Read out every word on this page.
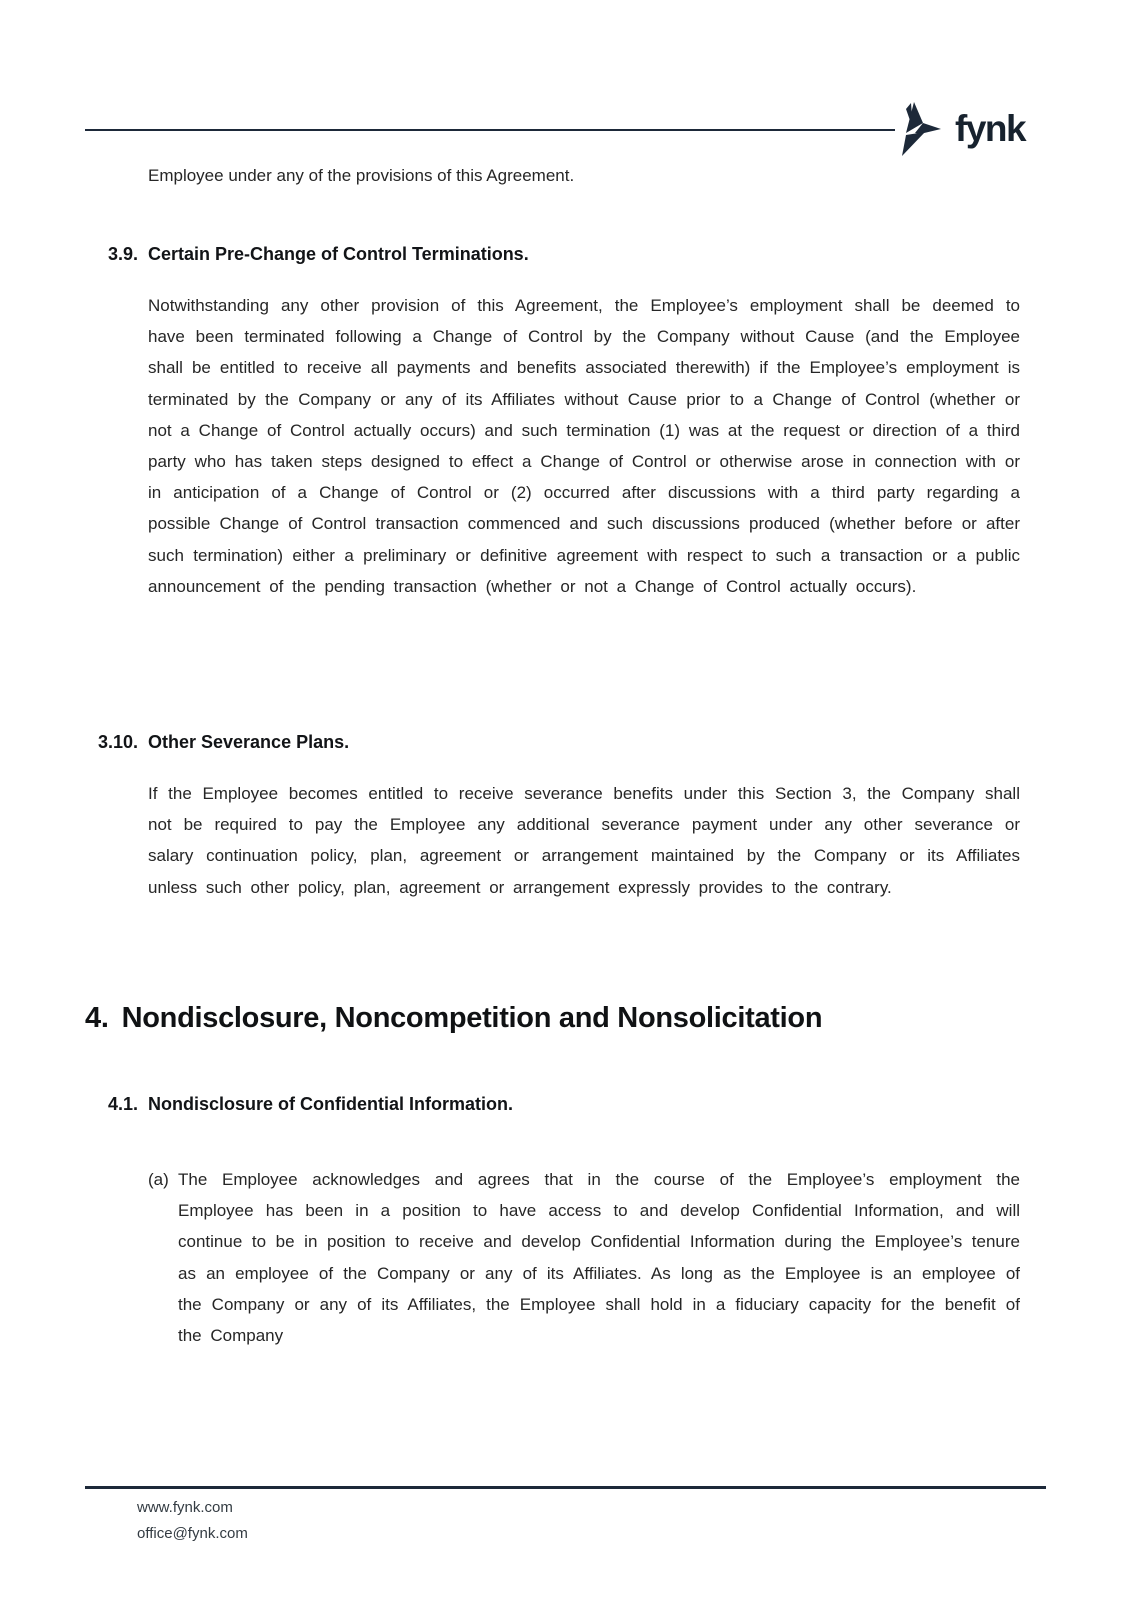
fynk

Employee under any of the provisions of this Agreement.

3.9. Certain Pre-Change of Control Terminations.

Notwithstanding any other provision of this Agreement, the Employee’s employment shall be deemed to have been terminated following a Change of Control by the Company without Cause (and the Employee shall be entitled to receive all payments and benefits associated therewith) if the Employee’s employment is terminated by the Company or any of its Affiliates without Cause prior to a Change of Control (whether or not a Change of Control actually occurs) and such termination (1) was at the request or direction of a third party who has taken steps designed to effect a Change of Control or otherwise arose in connection with or in anticipation of a Change of Control or (2) occurred after discussions with a third party regarding a possible Change of Control transaction commenced and such discussions produced (whether before or after such termination) either a preliminary or definitive agreement with respect to such a transaction or a public announcement of the pending transaction (whether or not a Change of Control actually occurs).

3.10. Other Severance Plans.

If the Employee becomes entitled to receive severance benefits under this Section 3, the Company shall not be required to pay the Employee any additional severance payment under any other severance or salary continuation policy, plan, agreement or arrangement maintained by the Company or its Affiliates unless such other policy, plan, agreement or arrangement expressly provides to the contrary.

4. Nondisclosure, Noncompetition and Nonsolicitation
4.1. Nondisclosure of Confidential Information.
(a) The Employee acknowledges and agrees that in the course of the Employee’s employment the Employee has been in a position to have access to and develop Confidential Information, and will continue to be in position to receive and develop Confidential Information during the Employee’s tenure as an employee of the Company or any of its Affiliates. As long as the Employee is an employee of the Company or any of its Affiliates, the Employee shall hold in a fiduciary capacity for the benefit of the Company

www.fynk.com
office@fynk.com
